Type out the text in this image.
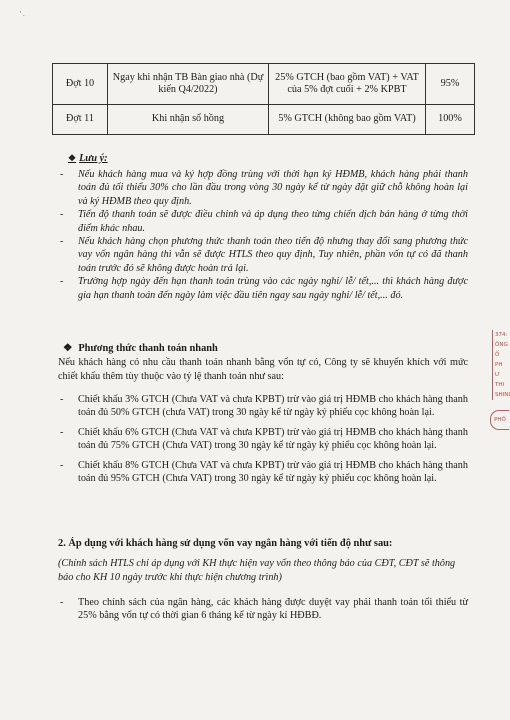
' .
Đợt 10	Ngay khi nhận TB Bàn giao nhà (Dự kiến Q4/2022)	25% GTCH (bao gồm VAT) + VAT của 5% đợt cuối + 2% KPBT	95%
Đợt 11	Khi nhận sổ hồng	5% GTCH (không bao gồm VAT)	100%
❖ Lưu ý:
-	Nếu khách hàng mua và ký hợp đồng trùng với thời hạn ký HĐMB, khách hàng phải thanh toán đủ tối thiểu 30% cho lần đầu trong vòng 30 ngày kể từ ngày đặt giữ chỗ không hoàn lại và ký HĐMB theo quy định.
-	Tiến độ thanh toán sẽ được điều chỉnh và áp dụng theo từng chiến dịch bán hàng ở từng thời điểm khác nhau.
-	Nếu khách hàng chọn phương thức thanh toán theo tiến độ nhưng thay đổi sang phương thức vay vốn ngân hàng thì vẫn sẽ được HTLS theo quy định, Tuy nhiên, phần vốn tự có đã thanh toán trước đó sẽ không được hoàn trả lại.
-	Trường hợp ngày đến hạn thanh toán trùng vào các ngày nghỉ/ lễ/ tết,... thì khách hàng được gia hạn thanh toán đến ngày làm việc đầu tiên ngay sau ngày nghỉ/ lễ/ tết,... đó.
❖ Phương thức thanh toán nhanh
Nếu khách hàng có nhu cầu thanh toán nhanh bằng vốn tự có, Công ty sẽ khuyến khích với mức chiết khấu thêm tùy thuộc vào tỷ lệ thanh toán như sau:
-	Chiết khấu 3% GTCH (Chưa VAT và chưa KPBT) trừ vào giá trị HĐMB cho khách hàng thanh toán đủ 50% GTCH (chưa VAT) trong 30 ngày kể từ ngày ký phiếu cọc không hoàn lại.
-	Chiết khấu 6% GTCH (Chưa VAT và chưa KPBT) trừ vào giá trị HĐMB cho khách hàng thanh toán đủ 75% GTCH (Chưa VAT) trong 30 ngày kể từ ngày ký phiếu cọc không hoàn lại.
-	Chiết khấu 8% GTCH (Chưa VAT và chưa KPBT) trừ vào giá trị HĐMB cho khách hàng thanh toán đủ 95% GTCH (Chưa VAT) trong 30 ngày kể từ ngày ký phiếu cọc không hoàn lại.
2. Áp dụng với khách hàng sử dụng vốn vay ngân hàng với tiến độ như sau:
(Chính sách HTLS chỉ áp dụng với KH thực hiện vay vốn theo thông báo của CĐT, CĐT sẽ thông báo cho KH 10 ngày trước khi thực hiện chương trình)
-	Theo chính sách của ngân hàng, các khách hàng được duyệt vay phải thanh toán tối thiểu từ 25% bằng vốn tự có thời gian 6 tháng kể từ ngày kí HĐBĐ.
374:
ÔNG
Ổ PH
Ư THI
SHINI
PHÔ
